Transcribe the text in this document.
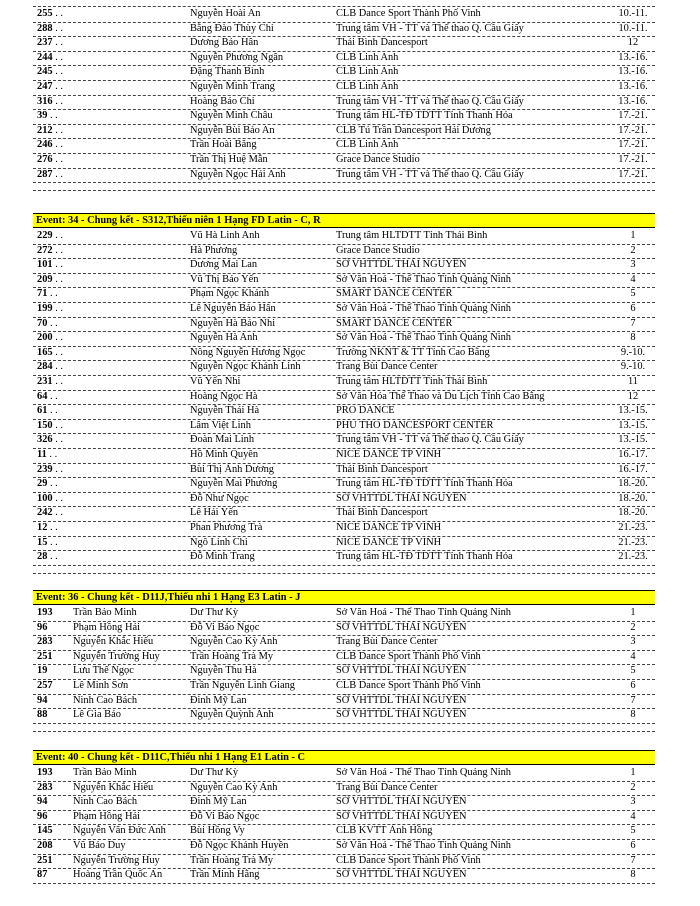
255 . .	Nguyễn Hoài An	CLB Dance Sport Thành Phố Vinh	10.-11.
288 . .	Bằng Đào Thùy Chi	Trung tâm VH - TT và Thể thao Q. Cầu Giấy	10.-11.
237 . .	Dương Bảo Hân	Thái Bình Dancesport	12
244 . .	Nguyễn Phương Ngân	CLB Linh Anh	13.-16.
245 . .	Đặng Thanh Bình	CLB Linh Anh	13.-16.
247 . .	Nguyễn Minh Trang	CLB Linh Anh	13.-16.
316 . .	Hoàng Bảo Chi	Trung tâm VH - TT và Thể thao Q. Cầu Giấy	13.-16.
39 . .	Nguyễn Minh Châu	Trung tâm HL-TĐ TDTT Tỉnh Thanh Hóa	17.-21.
212 . .	Nguyễn Bùi Bảo An	CLB Tú Trần Dancesport Hải Dương	17.-21.
246 . .	Trần Hoài Băng	CLB Linh Anh	17.-21.
276 . .	Trần Thị Huệ Mẫn	Grace Dance Studio	17.-21.
287 . .	Nguyễn Ngọc Hải Anh	Trung tâm VH - TT và Thể thao Q. Cầu Giấy	17.-21.
Event: 34 - Chung kết - S312,Thiếu niên 1 Hạng FD Latin - C, R
229 . .	Vũ Hà Linh Anh	Trung tâm HLTDTT Tỉnh Thái Bình	1
272 . .	Hà Phương	Grace Dance Studio	2
101 . .	Dương Mai Lan	SỞ VHTTDL THÁI NGUYÊN	3
209 . .	Vũ Thị Bảo Yến	Sở Văn Hoá - Thể Thao Tỉnh Quảng Ninh	4
71 . .	Phạm Ngọc Khánh	SMART DANCE CENTER	5
199 . .	Lê Nguyễn Bảo Hân	Sở Văn Hoá - Thể Thao Tỉnh Quảng Ninh	6
70 . .	Nguyễn Hà Bảo Nhi	SMART DANCE CENTER	7
200 . .	Nguyễn Hà Anh	Sở Văn Hoá - Thể Thao Tỉnh Quảng Ninh	8
165 . .	Nông Nguyễn Hương Ngọc	Trường NKNT & TT Tỉnh Cao Bằng	9.-10.
284 . .	Nguyễn Ngọc Khánh Linh	Trang Bùi Dance Center	9.-10.
231 . .	Vũ Yến Nhi	Trung tâm HLTDTT Tỉnh Thái Bình	11
64 . .	Hoàng Ngọc Hà	Sở Văn Hóa Thể Thao và Du Lịch Tỉnh Cao Bằng	12
61 . .	Nguyễn Thái Hà	PRO DANCE	13.-15.
150 . .	Lâm Việt Linh	PHU THO DANCESPORT CENTER	13.-15.
326 . .	Đoàn Mai Linh	Trung tâm VH - TT và Thể thao Q. Cầu Giấy	13.-15.
11 . .	Hồ Minh Quyên	NICE DANCE TP VINH	16.-17.
239 . .	Bùi Thị Ánh Dương	Thái Bình Dancesport	16.-17.
29 . .	Nguyễn Mai Phương	Trung tâm HL-TĐ TDTT Tỉnh Thanh Hóa	18.-20.
100 . .	Đỗ Như Ngọc	SỞ VHTTDL THÁI NGUYÊN	18.-20.
242 . .	Lê Hải Yến	Thái Bình Dancesport	18.-20.
12 . .	Phan Phương Trà	NICE DANCE TP VINH	21.-23.
15 . .	Ngô Linh Chi	NICE DANCE TP VINH	21.-23.
28 . .	Đỗ Minh Trang	Trung tâm HL-TĐ TDTT Tỉnh Thanh Hóa	21.-23.
Event: 36 - Chung kết - D11J,Thiếu nhi 1 Hạng E3 Latin - J
193	Trần Bảo Minh	Dư Thư Kỳ	Sở Văn Hoá - Thể Thao Tỉnh Quảng Ninh	1
96	Phạm Hồng Hải	Đỗ Vi Bảo Ngọc	SỞ VHTTDL THÁI NGUYÊN	2
283	Nguyễn Khắc Hiếu	Nguyễn Cao Kỳ Anh	Trang Bùi Dance Center	3
251	Nguyễn Trường Huy	Trần Hoàng Trà My	CLB Dance Sport Thành Phố Vinh	4
19	Lưu Thế Ngọc	Nguyễn Thu Hà	SỞ VHTTDL THÁI NGUYÊN	5
257	Lê Minh Sơn	Trần Nguyễn Linh Giang	CLB Dance Sport Thành Phố Vinh	6
94	Ninh Cao Bách	Đinh Mỹ Lan	SỞ VHTTDL THÁI NGUYÊN	7
88	Lê Gia Bảo	Nguyễn Quỳnh Anh	SỞ VHTTDL THÁI NGUYÊN	8
Event: 40 - Chung kết - D11C,Thiếu nhi 1 Hạng E1 Latin - C
193	Trần Bảo Minh	Dư Thư Kỳ	Sở Văn Hoá - Thể Thao Tỉnh Quảng Ninh	1
283	Nguyễn Khắc Hiếu	Nguyễn Cao Kỳ Anh	Trang Bùi Dance Center	2
94	Ninh Cao Bách	Đinh Mỹ Lan	SỞ VHTTDL THÁI NGUYÊN	3
96	Phạm Hồng Hải	Đỗ Vi Bảo Ngọc	SỞ VHTTDL THÁI NGUYÊN	4
145	Nguyễn Văn Đức Anh	Bùi Hồng Vy	CLB KVTT Ánh Hồng	5
208	Vũ Bảo Duy	Đỗ Ngọc Khánh Huyền	Sở Văn Hoá - Thể Thao Tỉnh Quảng Ninh	6
251	Nguyễn Trường Huy	Trần Hoàng Trà My	CLB Dance Sport Thành Phố Vinh	7
87	Hoàng Trần Quốc An	Trần Minh Hằng	SỞ VHTTDL THÁI NGUYÊN	8
